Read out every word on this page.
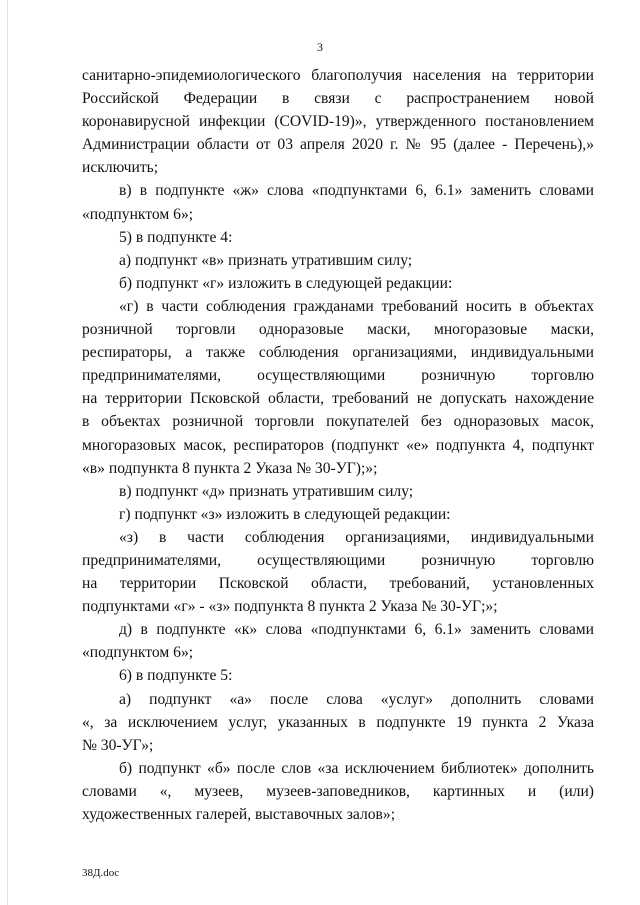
3
санитарно-эпидемиологического благополучия населения на территории
Российской Федерации в связи с распространением новой
коронавирусной инфекции (COVID-19)», утвержденного постановлением
Администрации области от 03 апреля 2020 г. № 95 (далее - Перечень),»
исключить;
в) в подпункте «ж» слова «подпунктами 6, 6.1» заменить словами
«подпунктом 6»;
5) в подпункте 4:
а) подпункт «в» признать утратившим силу;
б) подпункт «г» изложить в следующей редакции:
«г) в части соблюдения гражданами требований носить в объектах
розничной торговли одноразовые маски, многоразовые маски,
респираторы, а также соблюдения организациями, индивидуальными
предпринимателями, осуществляющими розничную торговлю
на территории Псковской области, требований не допускать нахождение
в объектах розничной торговли покупателей без одноразовых масок,
многоразовых масок, респираторов (подпункт «е» подпункта 4, подпункт
«в» подпункта 8 пункта 2 Указа № 30-УГ);»;
в) подпункт «д» признать утратившим силу;
г) подпункт «з» изложить в следующей редакции:
«з) в части соблюдения организациями, индивидуальными
предпринимателями, осуществляющими розничную торговлю
на территории Псковской области, требований, установленных
подпунктами «г» - «з» подпункта 8 пункта 2 Указа № 30-УГ;»;
д) в подпункте «к» слова «подпунктами 6, 6.1» заменить словами
«подпунктом 6»;
6) в подпункте 5:
а) подпункт «а» после слова «услуг» дополнить словами
«, за исключением услуг, указанных в подпункте 19 пункта 2 Указа
№ 30-УГ»;
б) подпункт «б» после слов «за исключением библиотек» дополнить
словами «, музеев, музеев-заповедников, картинных и (или)
художественных галерей, выставочных залов»;
38Д.doc
